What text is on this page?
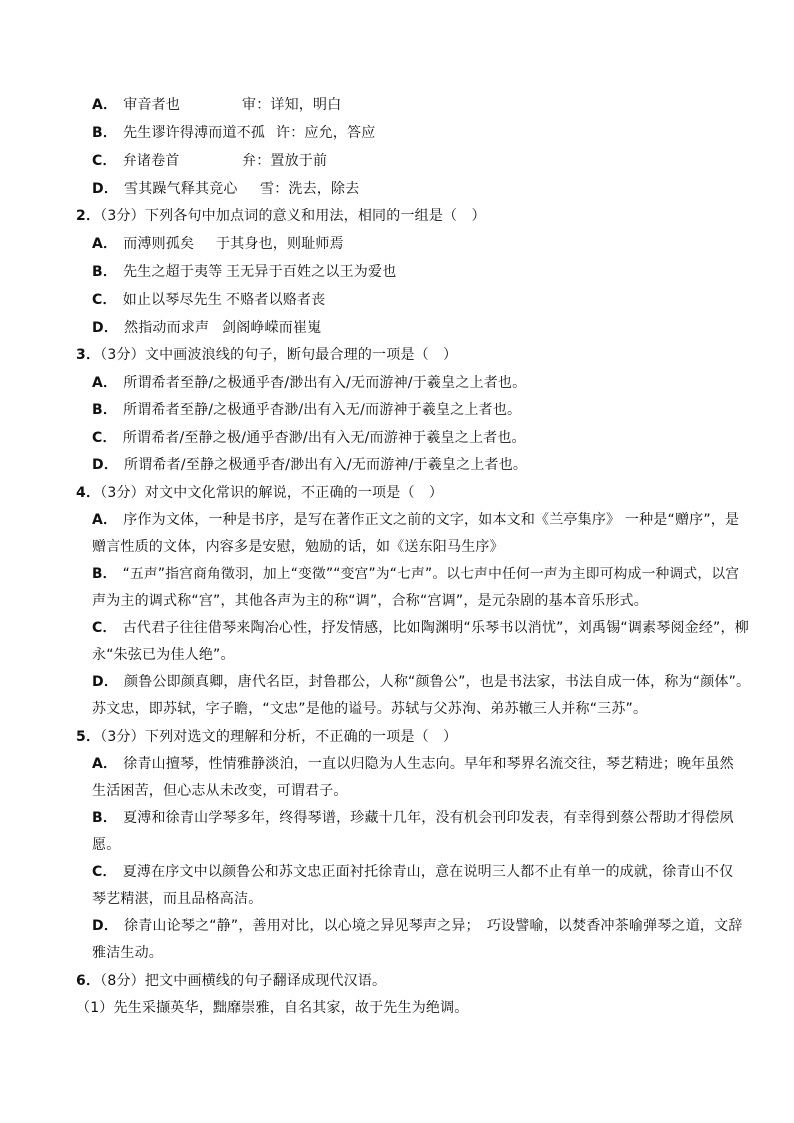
A． 审音者也	审：详知，明白
B． 先生谬许得溥而道不孤 许：应允，答应
C． 弁诸卷首	弁：置放于前
D． 雪其躁气释其竞心 雪：洗去，除去
2．（3分）下列各句中加点词的意义和用法，相同的一组是（　）
A． 而溥则孤矣 于其身也，则耻师焉
B． 先生之超于夷等 王无异于百姓之以王为爱也
C． 如止以琴尽先生 不赂者以赂者丧
D． 然指动而求声 剑阁峥嵘而崔嵬
3．（3分）文中画波浪线的句子，断句最合理的一项是（　）
A． 所谓希者至静/之极通乎杳/渺出有入/无而游神/于羲皇之上者也。
B． 所谓希者至静/之极通乎杳渺/出有入无/而游神于羲皇之上者也。
C． 所谓希者/至静之极/通乎杳渺/出有入无/而游神于羲皇之上者也。
D． 所谓希者/至静之极通乎杳/渺出有入/无而游神/于羲皇之上者也。
4．（3分）对文中文化常识的解说，不正确的一项是（　）
A． 序作为文体，一种是书序，是写在著作正文之前的文字，如本文和《兰亭集序》 一种是“赠序”，是
赠言性质的文体，内容多是安慰，勉励的话，如《送东阳马生序》
B． “五声”指宫商角徵羽，加上“变徵”“变宫”为“七声”。以七声中任何一声为主即可构成一种调式，以宫
声为主的调式称“宫”，其他各声为主的称“调”，合称“宫调”，是元杂剧的基本音乐形式。
C． 古代君子往往借琴来陶冶心性，抒发情感，比如陶渊明“乐琴书以消忧”，刘禹锡“调素琴阅金经”，柳
永“朱弦已为佳人绝”。
D． 颜鲁公即颜真卿，唐代名臣，封鲁郡公，人称“颜鲁公”，也是书法家，书法自成一体，称为“颜体”。
苏文忠，即苏轼，字子瞻，“文忠”是他的谥号。苏轼与父苏洵、弟苏辙三人并称“三苏”。
5．（3分）下列对选文的理解和分析，不正确的一项是（　）
A． 徐青山擅琴，性情雅静淡泊，一直以归隐为人生志向。早年和琴界名流交往，琴艺精进；晚年虽然
生活困苦，但心志从未改变，可谓君子。
B． 夏溥和徐青山学琴多年，终得琴谱，珍藏十几年，没有机会刊印发表，有幸得到蔡公帮助才得偿夙
愿。
C． 夏溥在序文中以颜鲁公和苏文忠正面衬托徐青山，意在说明三人都不止有单一的成就，徐青山不仅
琴艺精湛，而且品格高洁。
D． 徐青山论琴之“静”，善用对比，以心境之异见琴声之异；　巧设譬喻，以焚香冲茶喻弹琴之道，文辞
雅洁生动。
6．（8分）把文中画横线的句子翻译成现代汉语。
（1）先生采撷英华，黜靡崇雅，自名其家，故于先生为绝调。
